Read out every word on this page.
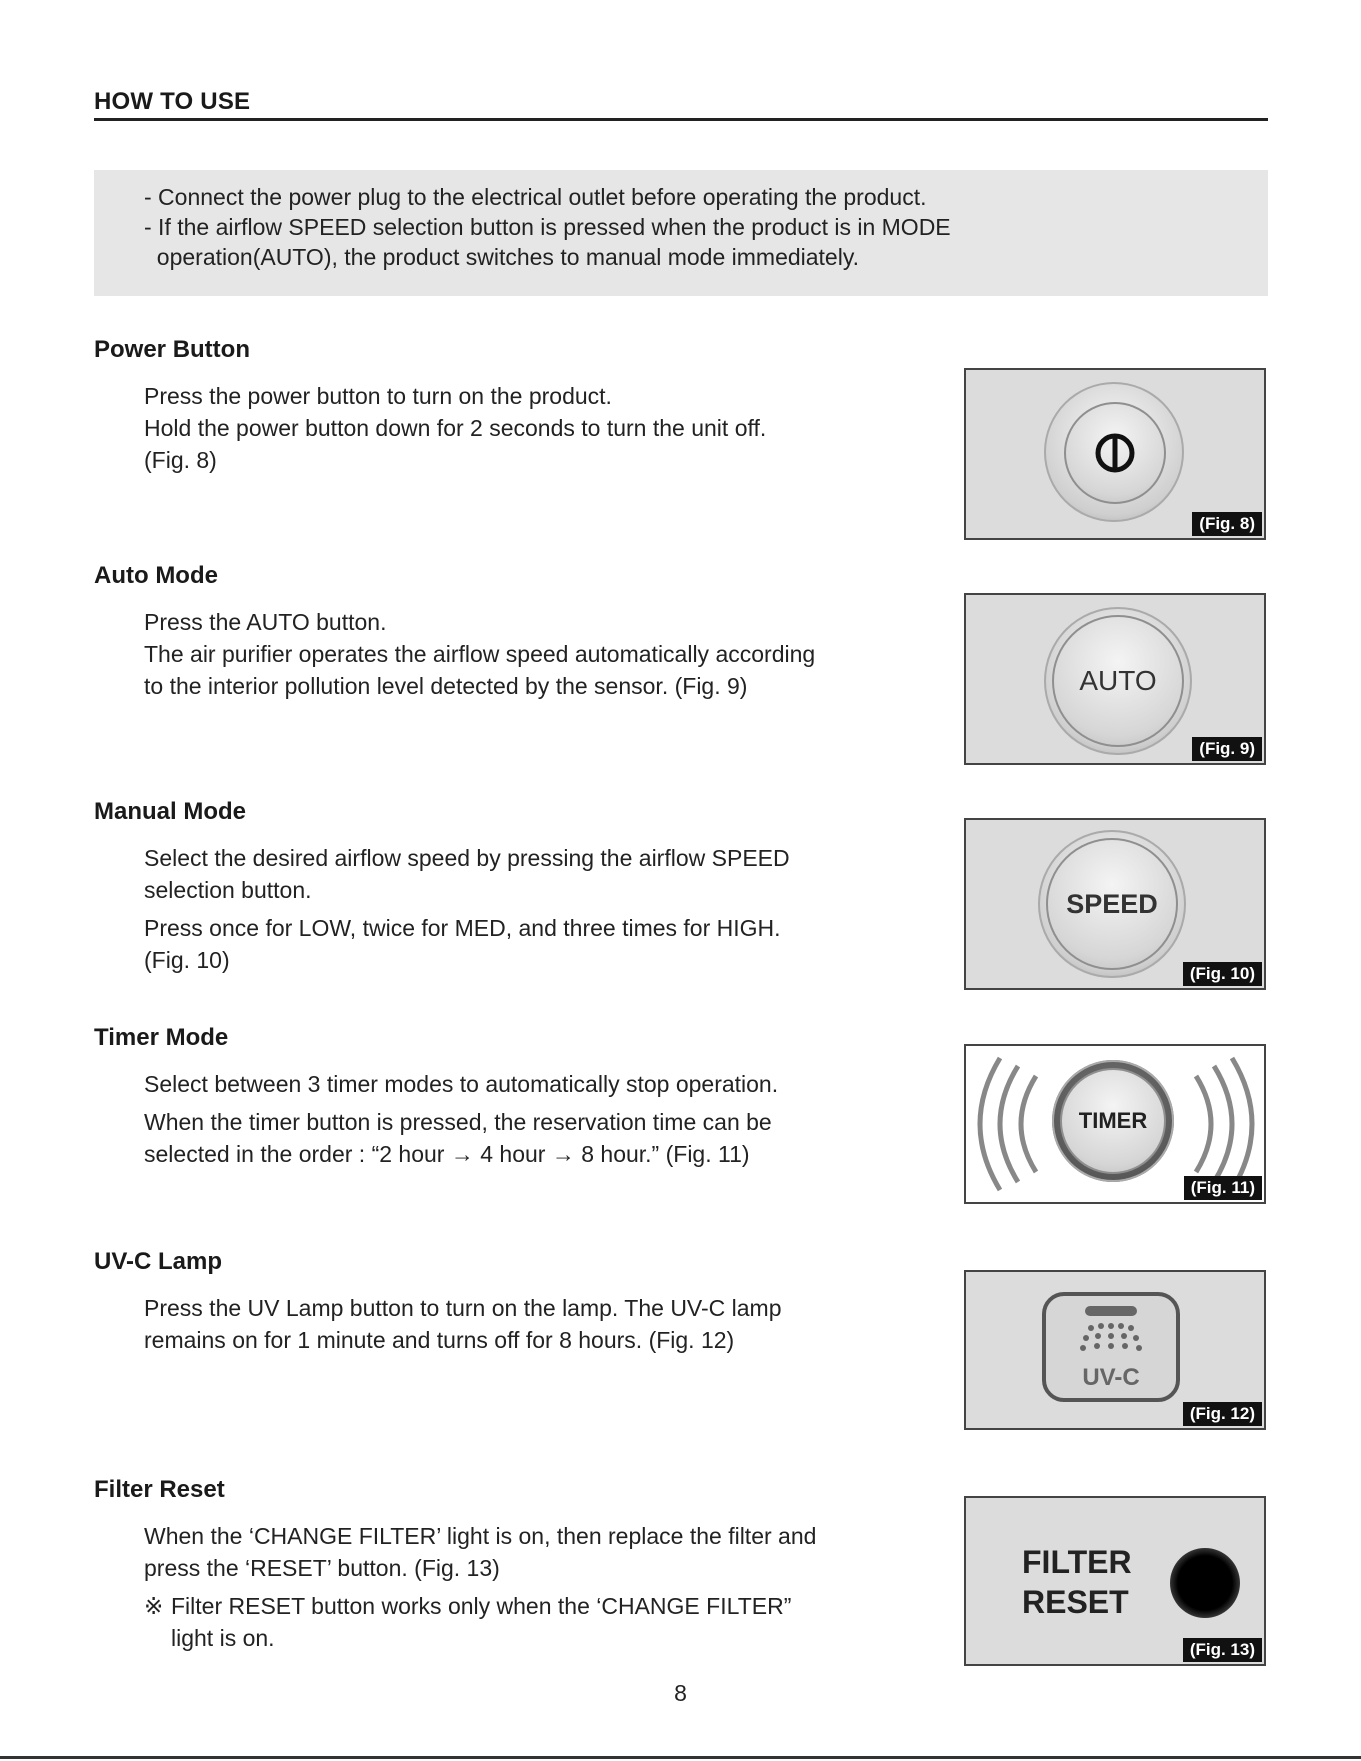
HOW TO USE
- Connect the power plug to the electrical outlet before operating the product.
- If the airflow SPEED selection button is pressed when the product is in MODE
operation(AUTO), the product switches to manual mode immediately.
Power Button
Press the power button to turn on the product.
Hold the power button down for 2 seconds to turn the unit off.
(Fig. 8)
Auto Mode
Press the AUTO button.
The air purifier operates the airflow speed automatically according
to the interior pollution level detected by the sensor. (Fig. 9)
Manual Mode
Select the desired airflow speed by pressing the airflow SPEED
selection button.
Press once for LOW, twice for MED, and three times for HIGH.
(Fig. 10)
Timer Mode
Select between 3 timer modes to automatically stop operation.
When the timer button is pressed, the reservation time can be
selected in the order : “2 hour → 4 hour → 8 hour.” (Fig. 11)
UV-C Lamp
Press the UV Lamp button to turn on the lamp. The UV-C lamp
remains on for 1 minute and turns off for 8 hours. (Fig. 12)
Filter Reset
When the ‘CHANGE FILTER’ light is on, then replace the filter and
press the ‘RESET’ button. (Fig. 13)
※ Filter RESET button works only when the ‘CHANGE FILTER”
light is on.
(Fig. 8)
AUTO
(Fig. 9)
SPEED
(Fig. 10)
TIMER
(Fig. 11)
UV-C
(Fig. 12)
FILTER
RESET
(Fig. 13)
8
